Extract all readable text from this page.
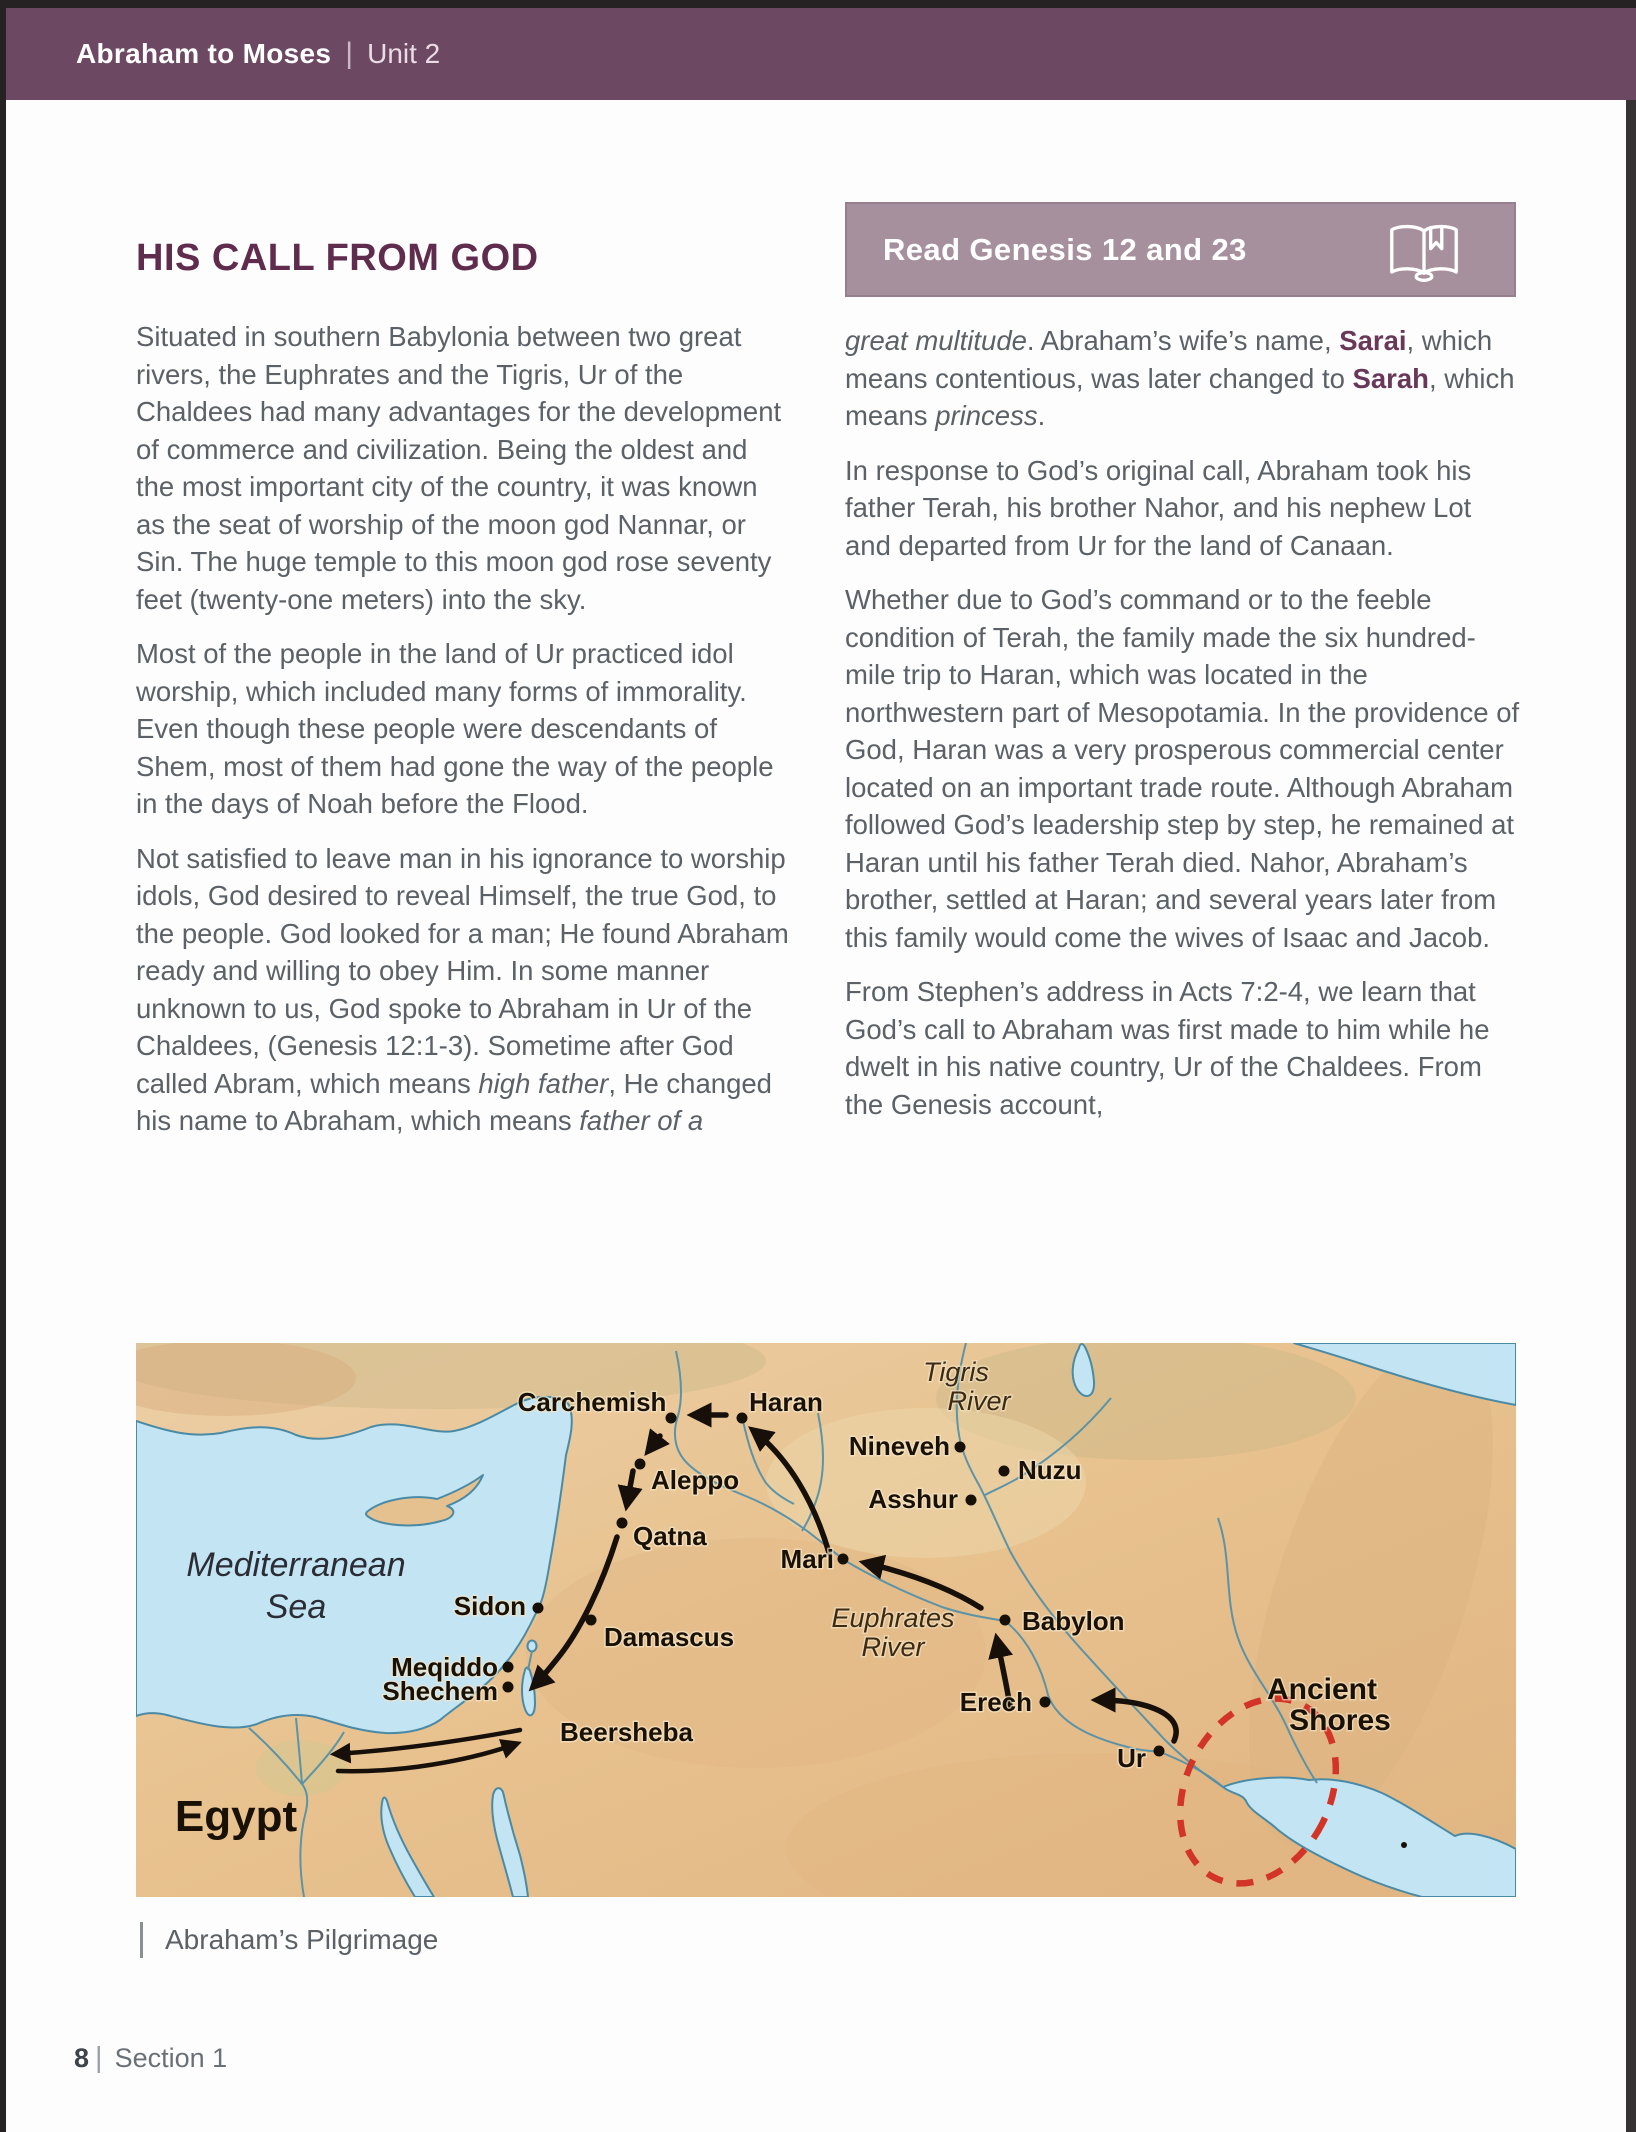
Abraham to Moses | Unit 2
HIS CALL FROM GOD	Read Genesis 12 and 23

Situated in southern Babylonia between two great rivers, the Euphrates and the Tigris, Ur of the Chaldees had many advantages for the development of commerce and civilization. Being the oldest and the most important city of the country, it was known as the seat of worship of the moon god Nannar, or Sin. The huge temple to this moon god rose seventy feet (twenty-one meters) into the sky.

Most of the people in the land of Ur practiced idol worship, which included many forms of immorality. Even though these people were descendants of Shem, most of them had gone the way of the people in the days of Noah before the Flood.

Not satisfied to leave man in his ignorance to worship idols, God desired to reveal Himself, the true God, to the people. God looked for a man; He found Abraham ready and willing to obey Him. In some manner unknown to us, God spoke to Abraham in Ur of the Chaldees, (Genesis 12:1-3). Sometime after God called Abram, which means high father, He changed his name to Abraham, which means father of a

great multitude. Abraham’s wife’s name, Sarai, which means contentious, was later changed to Sarah, which means princess.

In response to God’s original call, Abraham took his father Terah, his brother Nahor, and his nephew Lot and departed from Ur for the land of Canaan.

Whether due to God’s command or to the feeble condition of Terah, the family made the six hundred-mile trip to Haran, which was located in the northwestern part of Mesopotamia. In the providence of God, Haran was a very prosperous commercial center located on an important trade route. Although Abraham followed God’s leadership step by step, he remained at Haran until his father Terah died. Nahor, Abraham’s brother, settled at Haran; and several years later from this family would come the wives of Isaac and Jacob.

From Stephen’s address in Acts 7:2-4, we learn that God’s call to Abraham was first made to him while he dwelt in his native country, Ur of the Chaldees. From the Genesis account,

Carchemish	Haran
Aleppo
Qatna
Sidon
Damascus
Meqiddo
Shechem
Beersheba
Nineveh
Nuzu
Asshur
Mari
Babylon
Erech
Ur
Mediterranean
Sea
Tigris
River
Euphrates
River
Egypt
Ancient
Shores
Abraham’s Pilgrimage
8 | Section 1
